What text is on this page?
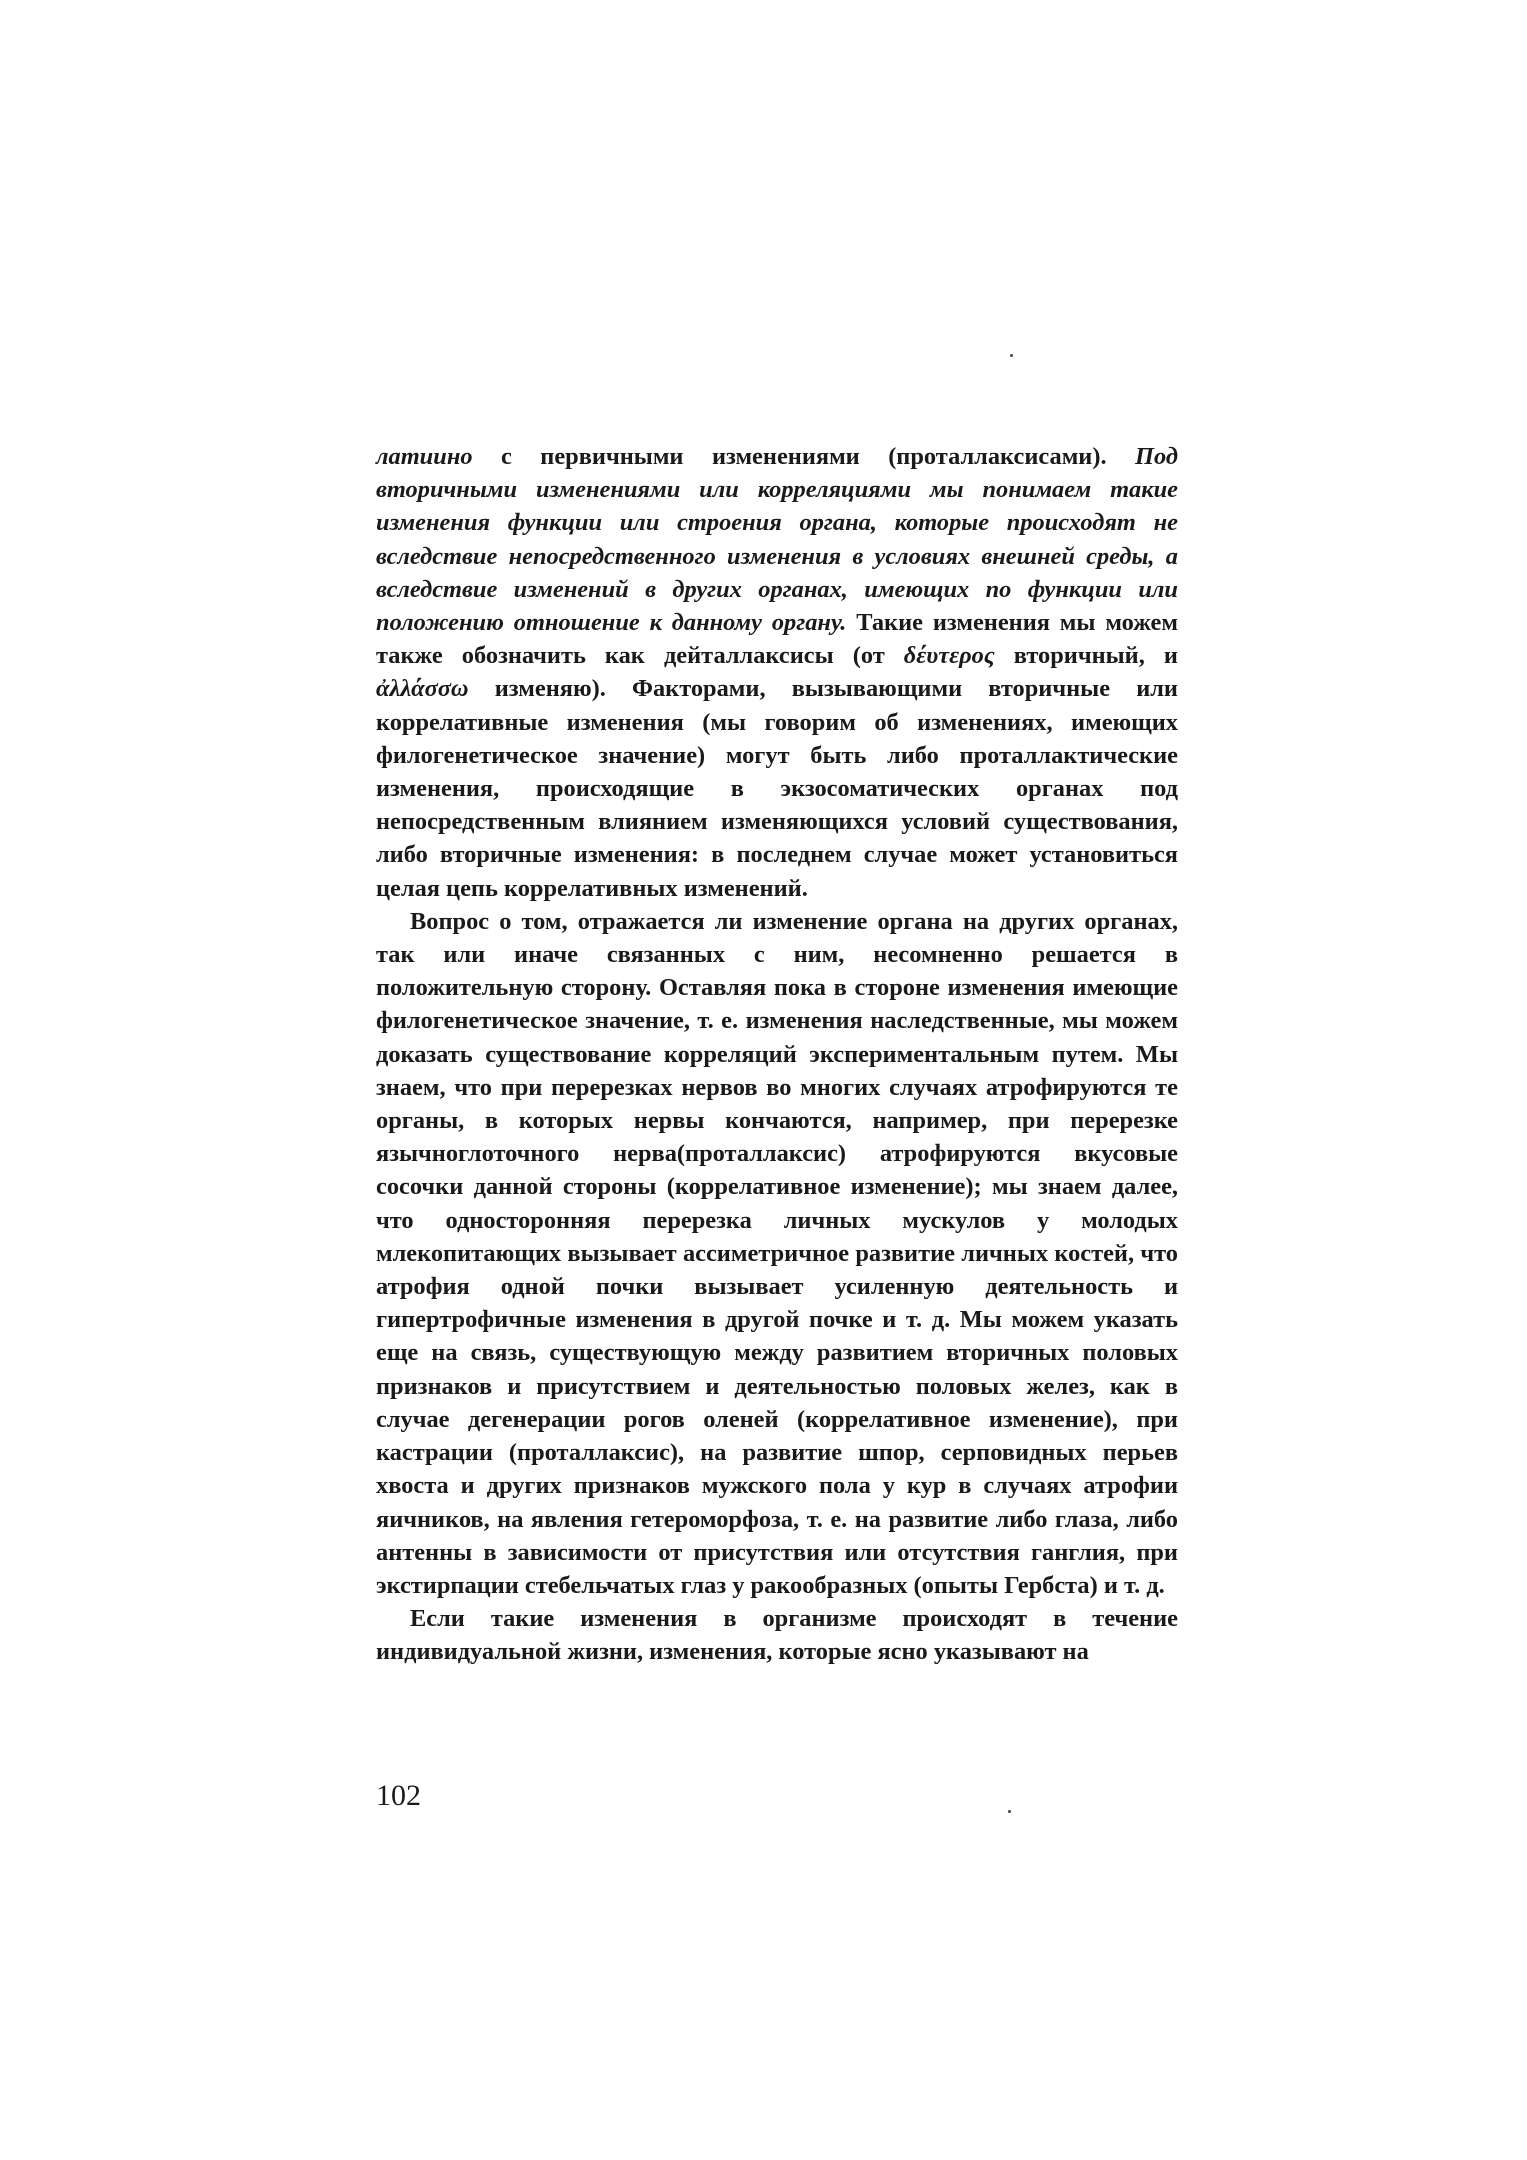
латиино с первичными изменениями (проталлаксисами). Под вторичными изменениями или корреляциями мы понимаем такие изменения функции или строения органа, которые происходят не вследствие непосредственного изменения в условиях внешней среды, а вследствие изменений в других органах, имеющих по функции или положению отношение к данному органу. Такие изменения мы можем также обозначить как дейталлаксисы (от δέυτερος вторичный, и ἀλλάσσω изменяю). Факторами, вызывающими вторичные или коррелативные изменения (мы говорим об изменениях, имеющих филогенетическое значение) могут быть либо проталлактические изменения, происходящие в экзосоматических органах под непосредственным влиянием изменяющихся условий существования, либо вторичные изменения: в последнем случае может установиться целая цепь коррелативных изменений.

Вопрос о том, отражается ли изменение органа на других органах, так или иначе связанных с ним, несомненно решается в положительную сторону. Оставляя пока в стороне изменения имеющие филогенетическое значение, т. е. изменения наследственные, мы можем доказать существование корреляций экспериментальным путем. Мы знаем, что при перерезках нервов во многих случаях атрофируются те органы, в которых нервы кончаются, например, при перерезке язычноглоточного нерва(проталлаксис) атрофируются вкусовые сосочки данной стороны (коррелативное изменение); мы знаем далее, что односторонняя перерезка личных мускулов у молодых млекопитающих вызывает ассиметричное развитие личных костей, что атрофия одной почки вызывает усиленную деятельность и гипертрофичные изменения в другой почке и т. д. Мы можем указать еще на связь, существующую между развитием вторичных половых признаков и присутствием и деятельностью половых желез, как в случае дегенерации рогов оленей (коррелативное изменение), при кастрации (проталлаксис), на развитие шпор, серповидных перьев хвоста и других признаков мужского пола у кур в случаях атрофии яичников, на явления гетероморфоза, т. е. на развитие либо глаза, либо антенны в зависимости от присутствия или отсутствия ганглия, при экстирпации стебельчатых глаз у ракообразных (опыты Гербста) и т. д.

Если такие изменения в организме происходят в течение индивидуальной жизни, изменения, которые ясно указывают на

102
